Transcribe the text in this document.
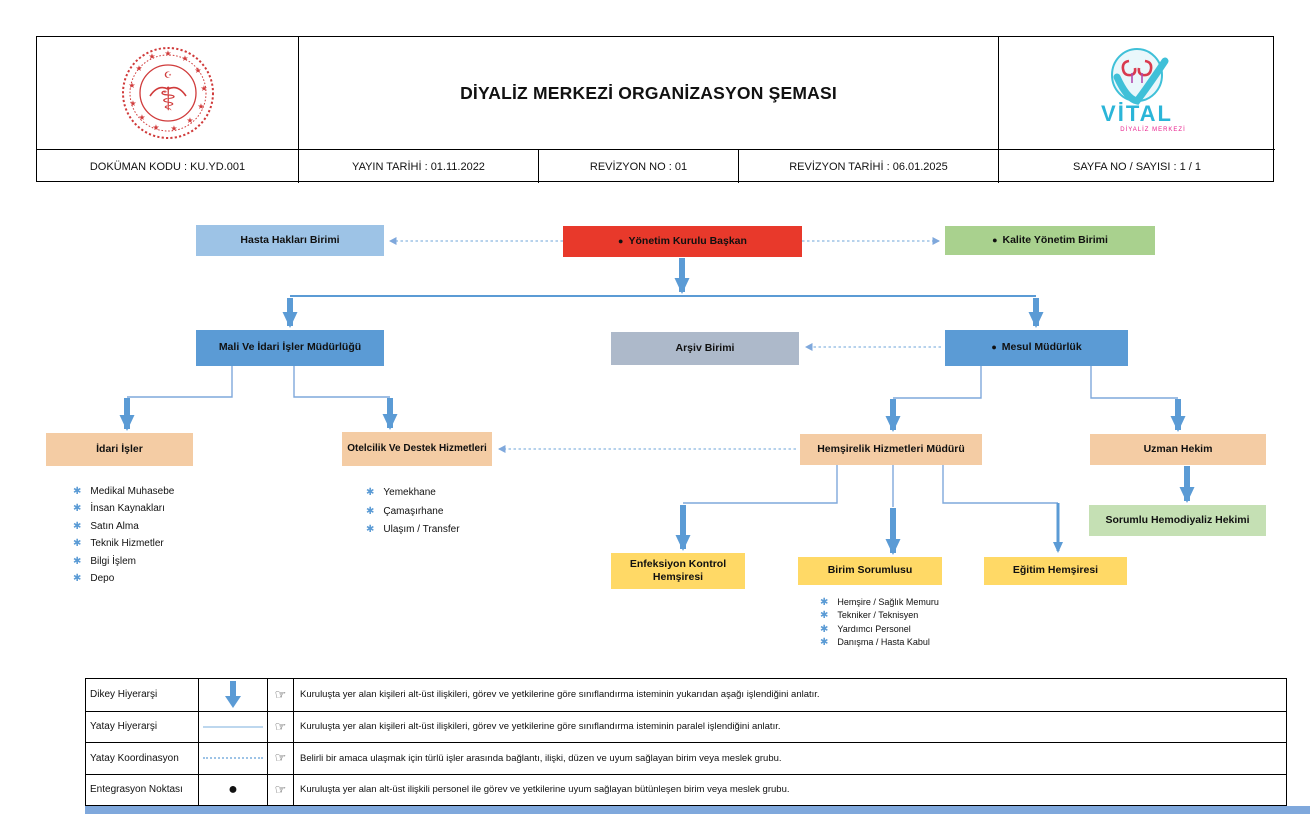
★
★
★
★
★
★
★
★
★
★
★
★
★
☪
⚕	DİYALİZ MERKEZİ ORGANİZASYON ŞEMASI
VİTAL
DİYALİZ MERKEZİ
DOKÜMAN KODU : KU.YD.001	YAYIN TARİHİ : 01.11.2022	REVİZYON NO : 01	REVİZYON TARİHİ : 06.01.2025	SAYFA NO / SAYISI : 1 / 1
Hasta Hakları Birimi	● Yönetim Kurulu Başkan	● Kalite Yönetim Birimi
Mali Ve İdari İşler Müdürlüğü	Arşiv Birimi	● Mesul Müdürlük
İdari İşler	Otelcilik Ve Destek Hizmetleri	Hemşirelik Hizmetleri Müdürü	Uzman Hekim
Sorumlu Hemodiyaliz Hekimi
Enfeksiyon Kontrol Hemşiresi
Birim Sorumlusu	Eğitim Hemşiresi
✱ Medikal Muhasebe
✱ İnsan Kaynakları
✱ Satın Alma
✱ Teknik Hizmetler
✱ Bilgi İşlem
✱ Depo
✱ Yemekhane
✱ Çamaşırhane
✱ Ulaşım / Transfer
✱ Hemşire / Sağlık Memuru
✱ Tekniker / Teknisyen
✱ Yardımcı Personel
✱ Danışma / Hasta Kabul
Dikey Hiyerarşi	☞	Kuruluşta yer alan kişileri alt-üst ilişkileri, görev ve yetkilerine göre sınıflandırma isteminin yukarıdan aşağı işlendiğini anlatır.
Yatay Hiyerarşi	☞	Kuruluşta yer alan kişileri alt-üst ilişkileri, görev ve yetkilerine göre sınıflandırma isteminin paralel işlendiğini anlatır.
Yatay Koordinasyon	☞	Belirli bir amaca ulaşmak için türlü işler arasında bağlantı, ilişki, düzen ve uyum sağlayan birim veya meslek grubu.
Entegrasyon Noktası	●	☞	Kuruluşta yer alan alt-üst ilişkili personel ile görev ve yetkilerine uyum sağlayan bütünleşen birim veya meslek grubu.
